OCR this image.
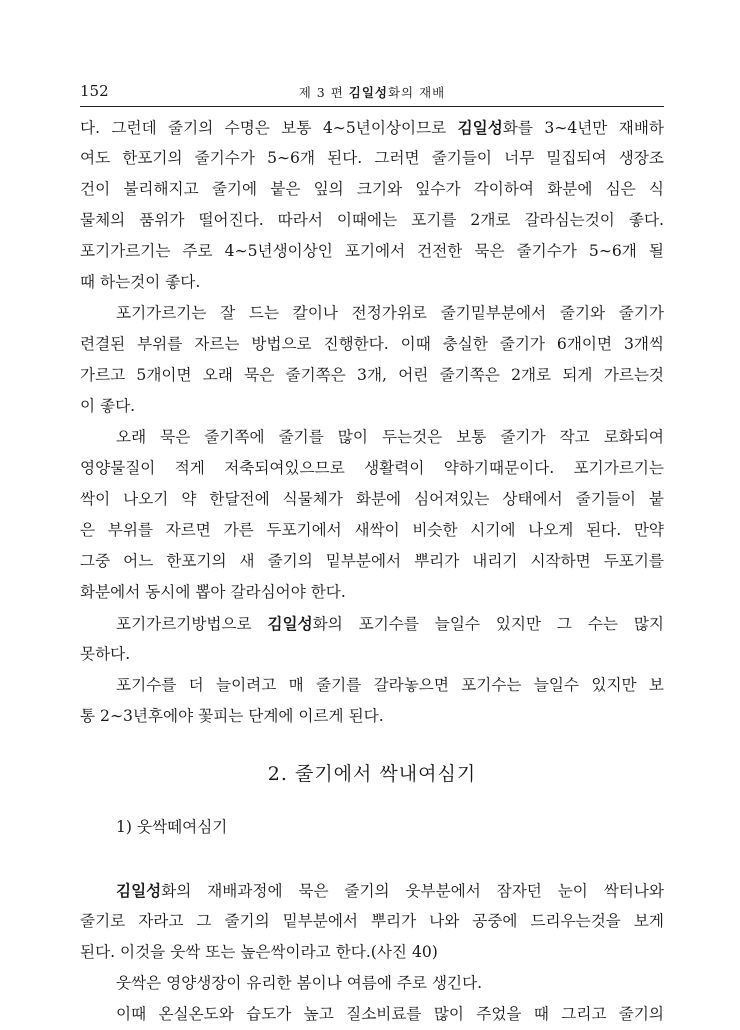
152	제 3 편 김일성화의 재배
다. 그런데 줄기의 수명은 보통 4∼5년이상이므로 김일성화를 3∼4년만 재배하
여도 한포기의 줄기수가 5∼6개 된다. 그러면 줄기들이 너무 밀집되여 생장조
건이 불리해지고 줄기에 붙은 잎의 크기와 잎수가 각이하여 화분에 심은 식
물체의 품위가 떨어진다. 따라서 이때에는 포기를 2개로 갈라심는것이 좋다.
포기가르기는 주로 4∼5년생이상인 포기에서 건전한 묵은 줄기수가 5∼6개 될
때 하는것이 좋다.
포기가르기는 잘 드는 칼이나 전정가위로 줄기밑부분에서 줄기와 줄기가
련결된 부위를 자르는 방법으로 진행한다. 이때 충실한 줄기가 6개이면 3개씩
가르고 5개이면 오래 묵은 줄기쪽은 3개, 어린 줄기쪽은 2개로 되게 가르는것
이 좋다.
오래 묵은 줄기쪽에 줄기를 많이 두는것은 보통 줄기가 작고 로화되여
영양물질이 적게 저축되여있으므로 생활력이 약하기때문이다. 포기가르기는
싹이 나오기 약 한달전에 식물체가 화분에 심어져있는 상태에서 줄기들이 붙
은 부위를 자르면 가른 두포기에서 새싹이 비슷한 시기에 나오게 된다. 만약
그중 어느 한포기의 새 줄기의 밑부분에서 뿌리가 내리기 시작하면 두포기를
화분에서 동시에 뽑아 갈라심어야 한다.
포기가르기방법으로 김일성화의 포기수를 늘일수 있지만 그 수는 많지
못하다.
포기수를 더 늘이려고 매 줄기를 갈라놓으면 포기수는 늘일수 있지만 보
통 2∼3년후에야 꽃피는 단계에 이르게 된다.
2. 줄기에서 싹내여심기
1) 웃싹떼여심기
김일성화의 재배과정에 묵은 줄기의 웃부분에서 잠자던 눈이 싹터나와
줄기로 자라고 그 줄기의 밑부분에서 뿌리가 나와 공중에 드리우는것을 보게
된다. 이것을 웃싹 또는 높은싹이라고 한다.(사진 40)
웃싹은 영양생장이 유리한 봄이나 여름에 주로 생긴다.
이때 온실온도와 습도가 높고 질소비료를 많이 주었을 때 그리고 줄기의
